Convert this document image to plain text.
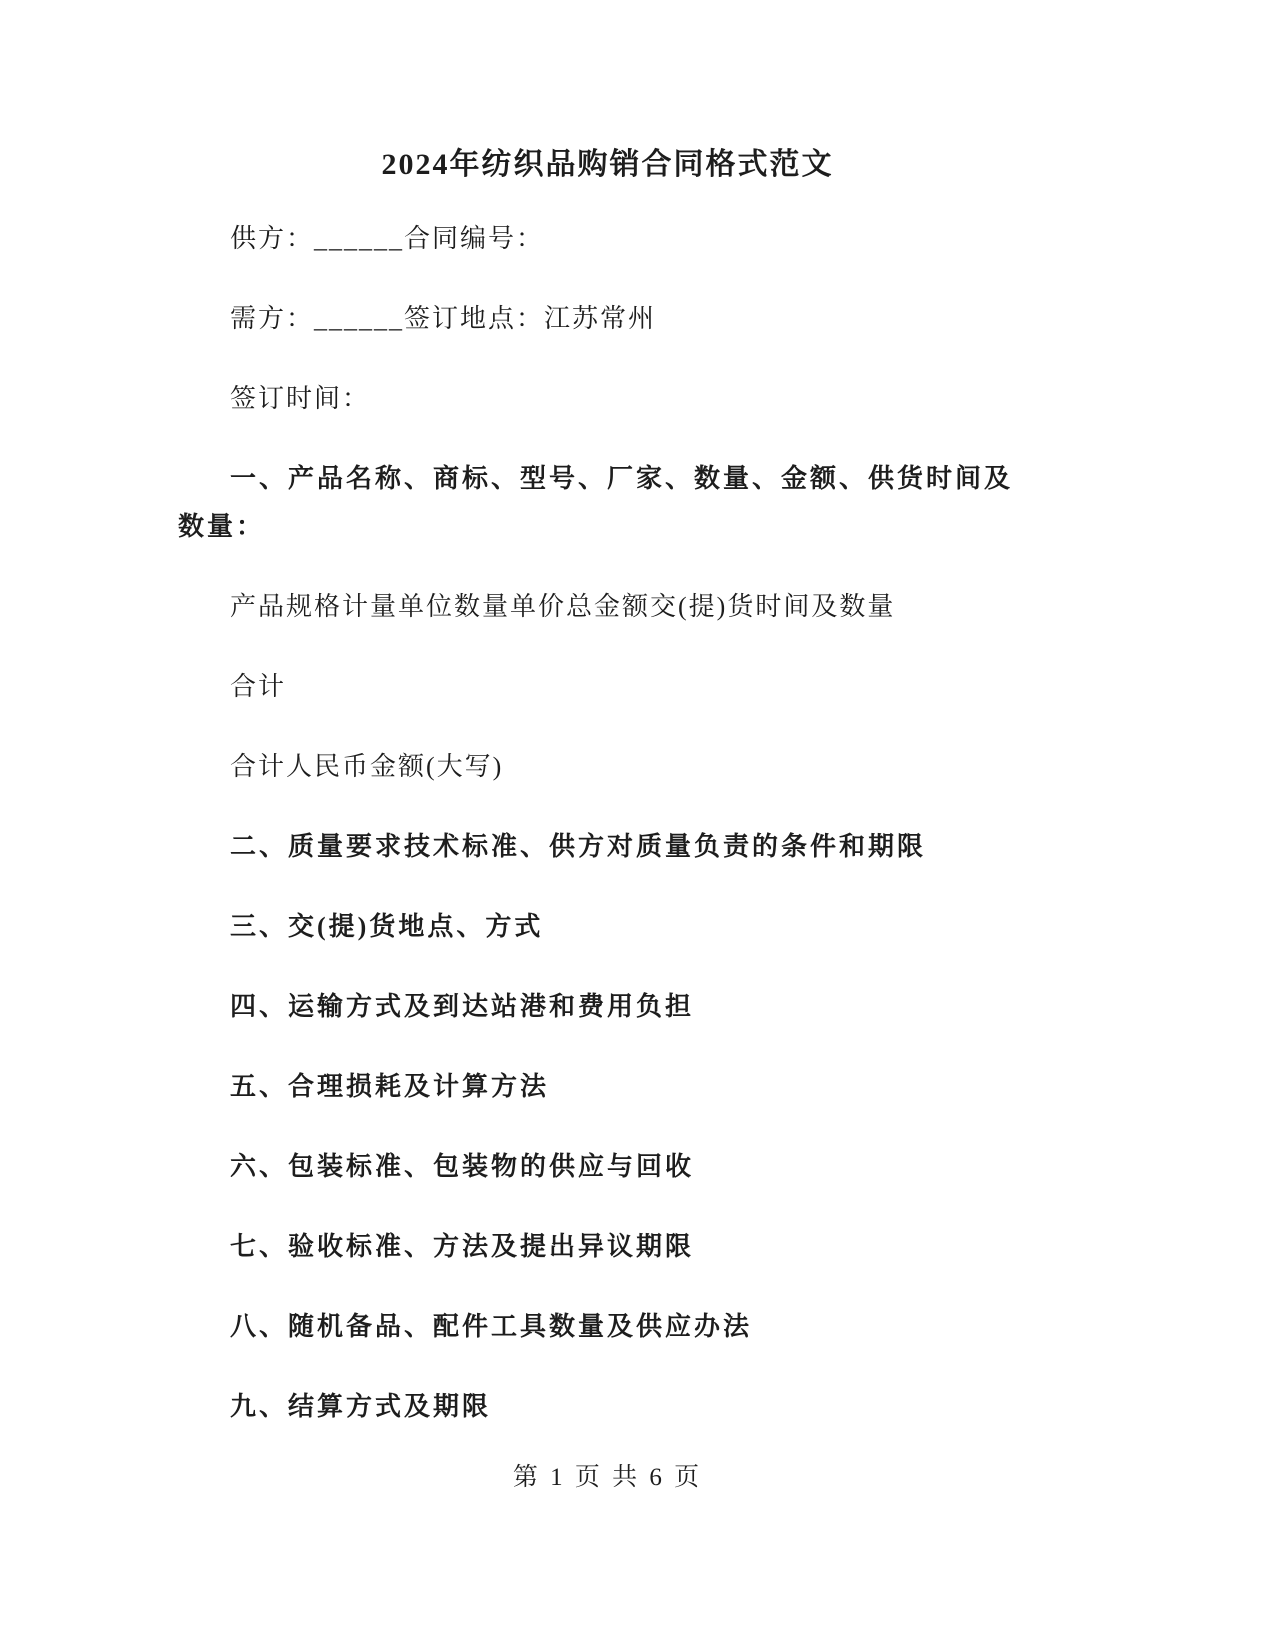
2024年纺织品购销合同格式范文

供方：______合同编号：

需方：______签订地点：江苏常州

签订时间：

一、产品名称、商标、型号、厂家、数量、金额、供货时间及数量：

产品规格计量单位数量单价总金额交(提)货时间及数量

合计

合计人民币金额(大写)

二、质量要求技术标准、供方对质量负责的条件和期限

三、交(提)货地点、方式

四、运输方式及到达站港和费用负担

五、合理损耗及计算方法

六、包装标准、包装物的供应与回收

七、验收标准、方法及提出异议期限

八、随机备品、配件工具数量及供应办法

九、结算方式及期限

第 1 页 共 6 页
